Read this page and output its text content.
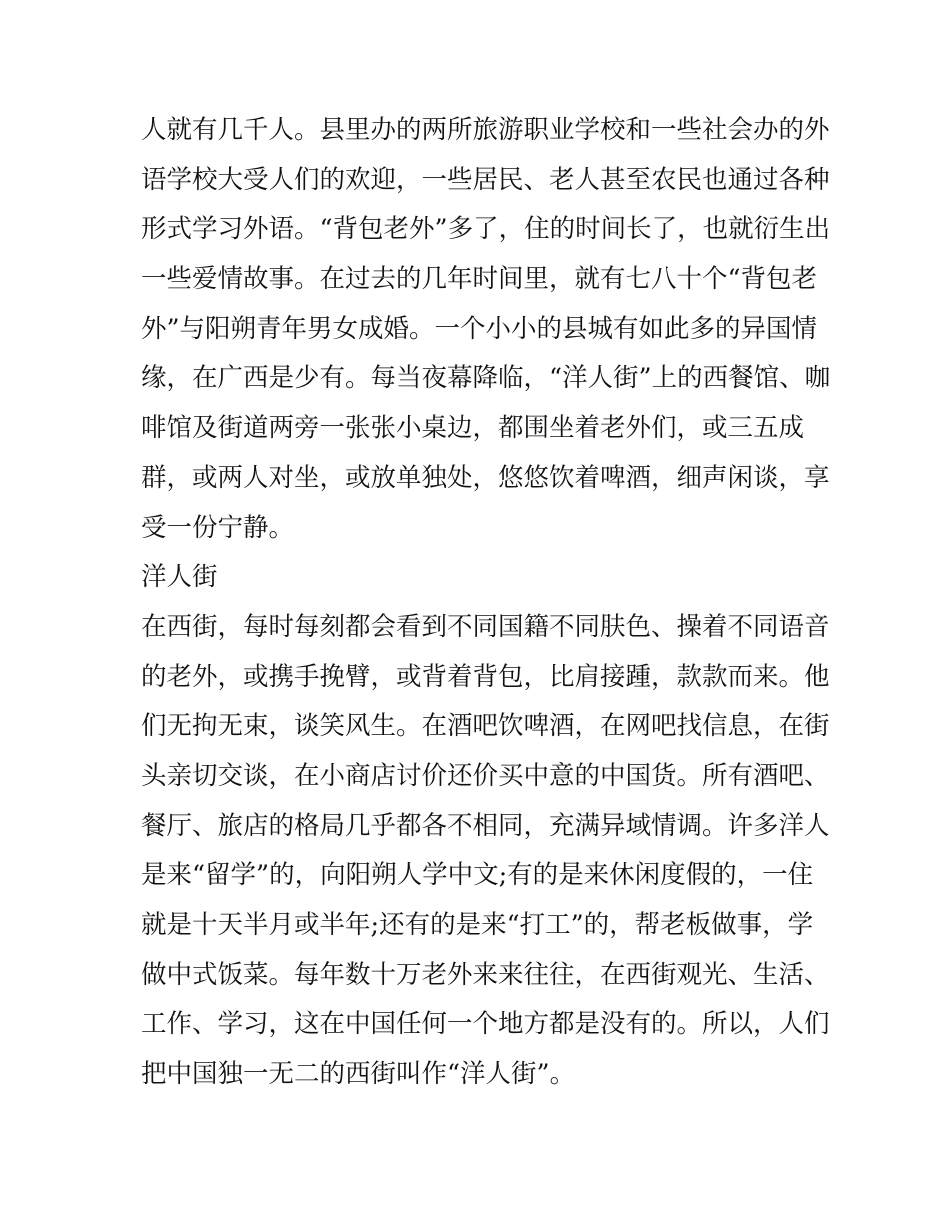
人就有几千人。县里办的两所旅游职业学校和一些社会办的外
语学校大受人们的欢迎，一些居民、老人甚至农民也通过各种
形式学习外语。“背包老外”多了，住的时间长了，也就衍生出
一些爱情故事。在过去的几年时间里，就有七八十个“背包老
外”与阳朔青年男女成婚。一个小小的县城有如此多的异国情
缘，在广西是少有。每当夜幕降临，“洋人街”上的西餐馆、咖
啡馆及街道两旁一张张小桌边，都围坐着老外们，或三五成
群，或两人对坐，或放单独处，悠悠饮着啤酒，细声闲谈，享
受一份宁静。
洋人街
在西街，每时每刻都会看到不同国籍不同肤色、操着不同语音
的老外，或携手挽臂，或背着背包，比肩接踵，款款而来。他
们无拘无束，谈笑风生。在酒吧饮啤酒，在网吧找信息，在街
头亲切交谈，在小商店讨价还价买中意的中国货。所有酒吧、
餐厅、旅店的格局几乎都各不相同，充满异域情调。许多洋人
是来“留学”的，向阳朔人学中文;有的是来休闲度假的，一住
就是十天半月或半年;还有的是来“打工”的，帮老板做事，学
做中式饭菜。每年数十万老外来来往往，在西街观光、生活、
工作、学习，这在中国任何一个地方都是没有的。所以，人们
把中国独一无二的西街叫作“洋人街”。
